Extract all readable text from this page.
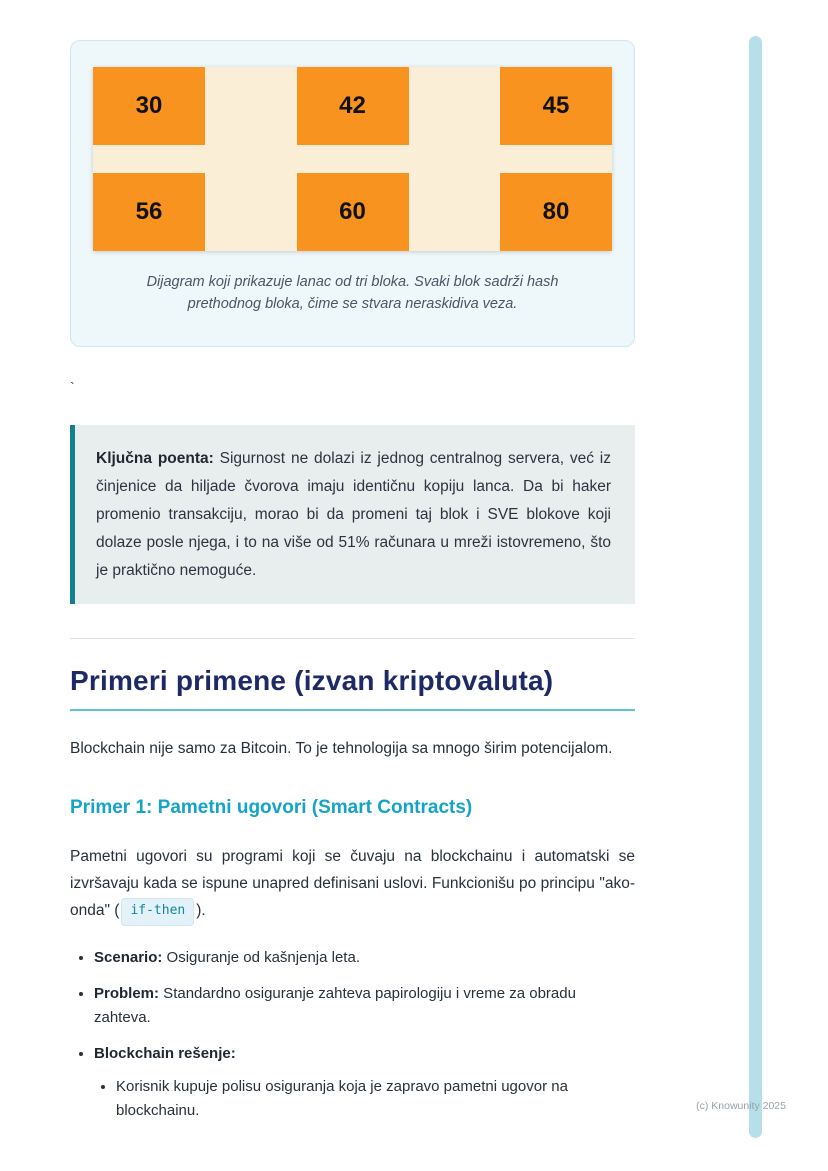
30	42	45
56	60	80
Dijagram koji prikazuje lanac od tri bloka. Svaki blok sadrži hash prethodnog bloka, čime se stvara neraskidiva veza.
`
Ključna poenta: Sigurnost ne dolazi iz jednog centralnog servera, već iz činjenice da hiljade čvorova imaju identičnu kopiju lanca. Da bi haker promenio transakciju, morao bi da promeni taj blok i SVE blokove koji dolaze posle njega, i to na više od 51% računara u mreži istovremeno, što je praktično nemoguće.
Primeri primene (izvan kriptovaluta)

Blockchain nije samo za Bitcoin. To je tehnologija sa mnogo širim potencijalom.

Primer 1: Pametni ugovori (Smart Contracts)

Pametni ugovori su programi koji se čuvaju na blockchainu i automatski se izvršavaju kada se ispune unapred definisani uslovi. Funkcionišu po principu "ako-onda" ( if-then ).

• Scenario: Osiguranje od kašnjenja leta.
• Problem: Standardno osiguranje zahteva papirologiju i vreme za obradu zahteva.
• Blockchain rešenje:
• Korisnik kupuje polisu osiguranja koja je zapravo pametni ugovor na blockchainu.	(c) Knowunity 2025
